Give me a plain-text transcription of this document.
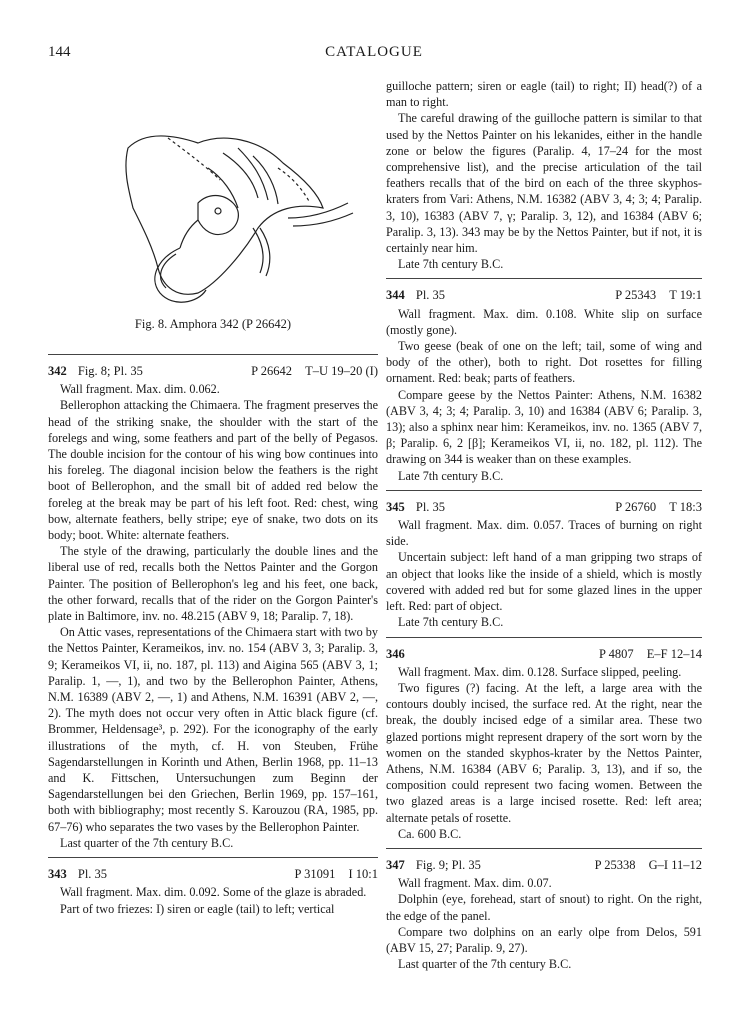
144	CATALOGUE
Fig. 8. Amphora 342 (P 26642)
342 Fig. 8; Pl. 35	P 26642 T–U 19–20 (I)

Wall fragment. Max. dim. 0.062.

Bellerophon attacking the Chimaera. The fragment preserves the head of the striking snake, the shoulder with the start of the forelegs and wing, some feathers and part of the belly of Pegasos. The double incision for the contour of his wing bow continues into his foreleg. The diagonal incision below the feathers is the right boot of Bellerophon, and the small bit of added red below the foreleg at the break may be part of his left foot. Red: chest, wing bow, alternate feathers, belly stripe; eye of snake, two dots on its body; boot. White: alternate feathers.

The style of the drawing, particularly the double lines and the liberal use of red, recalls both the Nettos Painter and the Gorgon Painter. The position of Bellerophon's leg and his feet, one back, the other forward, recalls that of the rider on the Gorgon Painter's plate in Baltimore, inv. no. 48.215 (ABV 9, 18; Paralip. 7, 18).

On Attic vases, representations of the Chimaera start with two by the Nettos Painter, Kerameikos, inv. no. 154 (ABV 3, 3; Paralip. 3, 9; Kerameikos VI, ii, no. 187, pl. 113) and Aigina 565 (ABV 3, 1; Paralip. 1, —, 1), and two by the Bellerophon Painter, Athens, N.M. 16389 (ABV 2, —, 1) and Athens, N.M. 16391 (ABV 2, —, 2). The myth does not occur very often in Attic black figure (cf. Brommer, Heldensage³, p. 292). For the iconography of the early illustrations of the myth, cf. H. von Steuben, Frühe Sagendarstellungen in Korinth und Athen, Berlin 1968, pp. 11–13 and K. Fittschen, Untersuchungen zum Beginn der Sagendarstellungen bei den Griechen, Berlin 1969, pp. 157–161, both with bibliography; most recently S. Karouzou (RA, 1985, pp. 67–76) who separates the two vases by the Bellerophon Painter.

Last quarter of the 7th century B.C.

343 Pl. 35	P 31091 I 10:1

Wall fragment. Max. dim. 0.092. Some of the glaze is abraded.

Part of two friezes: I) siren or eagle (tail) to left; vertical

guilloche pattern; siren or eagle (tail) to right; II) head(?) of a man to right.

The careful drawing of the guilloche pattern is similar to that used by the Nettos Painter on his lekanides, either in the handle zone or below the figures (Paralip. 4, 17–24 for the most comprehensive list), and the precise articulation of the tail feathers recalls that of the bird on each of the three skyphos-kraters from Vari: Athens, N.M. 16382 (ABV 3, 4; 3; 4; Paralip. 3, 10), 16383 (ABV 7, γ; Paralip. 3, 12), and 16384 (ABV 6; Paralip. 3, 13). 343 may be by the Nettos Painter, but if not, it is certainly near him.

Late 7th century B.C.

344 Pl. 35	P 25343 T 19:1

Wall fragment. Max. dim. 0.108. White slip on surface (mostly gone).

Two geese (beak of one on the left; tail, some of wing and body of the other), both to right. Dot rosettes for filling ornament. Red: beak; parts of feathers.

Compare geese by the Nettos Painter: Athens, N.M. 16382 (ABV 3, 4; 3; 4; Paralip. 3, 10) and 16384 (ABV 6; Paralip. 3, 13); also a sphinx near him: Kerameikos, inv. no. 1365 (ABV 7, β; Paralip. 6, 2 [β]; Kerameikos VI, ii, no. 182, pl. 112). The drawing on 344 is weaker than on these examples.

Late 7th century B.C.

345 Pl. 35	P 26760 T 18:3

Wall fragment. Max. dim. 0.057. Traces of burning on right side.

Uncertain subject: left hand of a man gripping two straps of an object that looks like the inside of a shield, which is mostly covered with added red but for some glazed lines in the upper left. Red: part of object.

Late 7th century B.C.

346	P 4807 E–F 12–14

Wall fragment. Max. dim. 0.128. Surface slipped, peeling.

Two figures (?) facing. At the left, a large area with the contours doubly incised, the surface red. At the right, near the break, the doubly incised edge of a similar area. These two glazed portions might represent drapery of the sort worn by the women on the standed skyphos-krater by the Nettos Painter, Athens, N.M. 16384 (ABV 6; Paralip. 3, 13), and if so, the composition could represent two facing women. Between the two glazed areas is a large incised rosette. Red: left area; alternate petals of rosette.

Ca. 600 B.C.

347 Fig. 9; Pl. 35	P 25338 G–I 11–12

Wall fragment. Max. dim. 0.07.

Dolphin (eye, forehead, start of snout) to right. On the right, the edge of the panel.

Compare two dolphins on an early olpe from Delos, 591 (ABV 15, 27; Paralip. 9, 27).

Last quarter of the 7th century B.C.
